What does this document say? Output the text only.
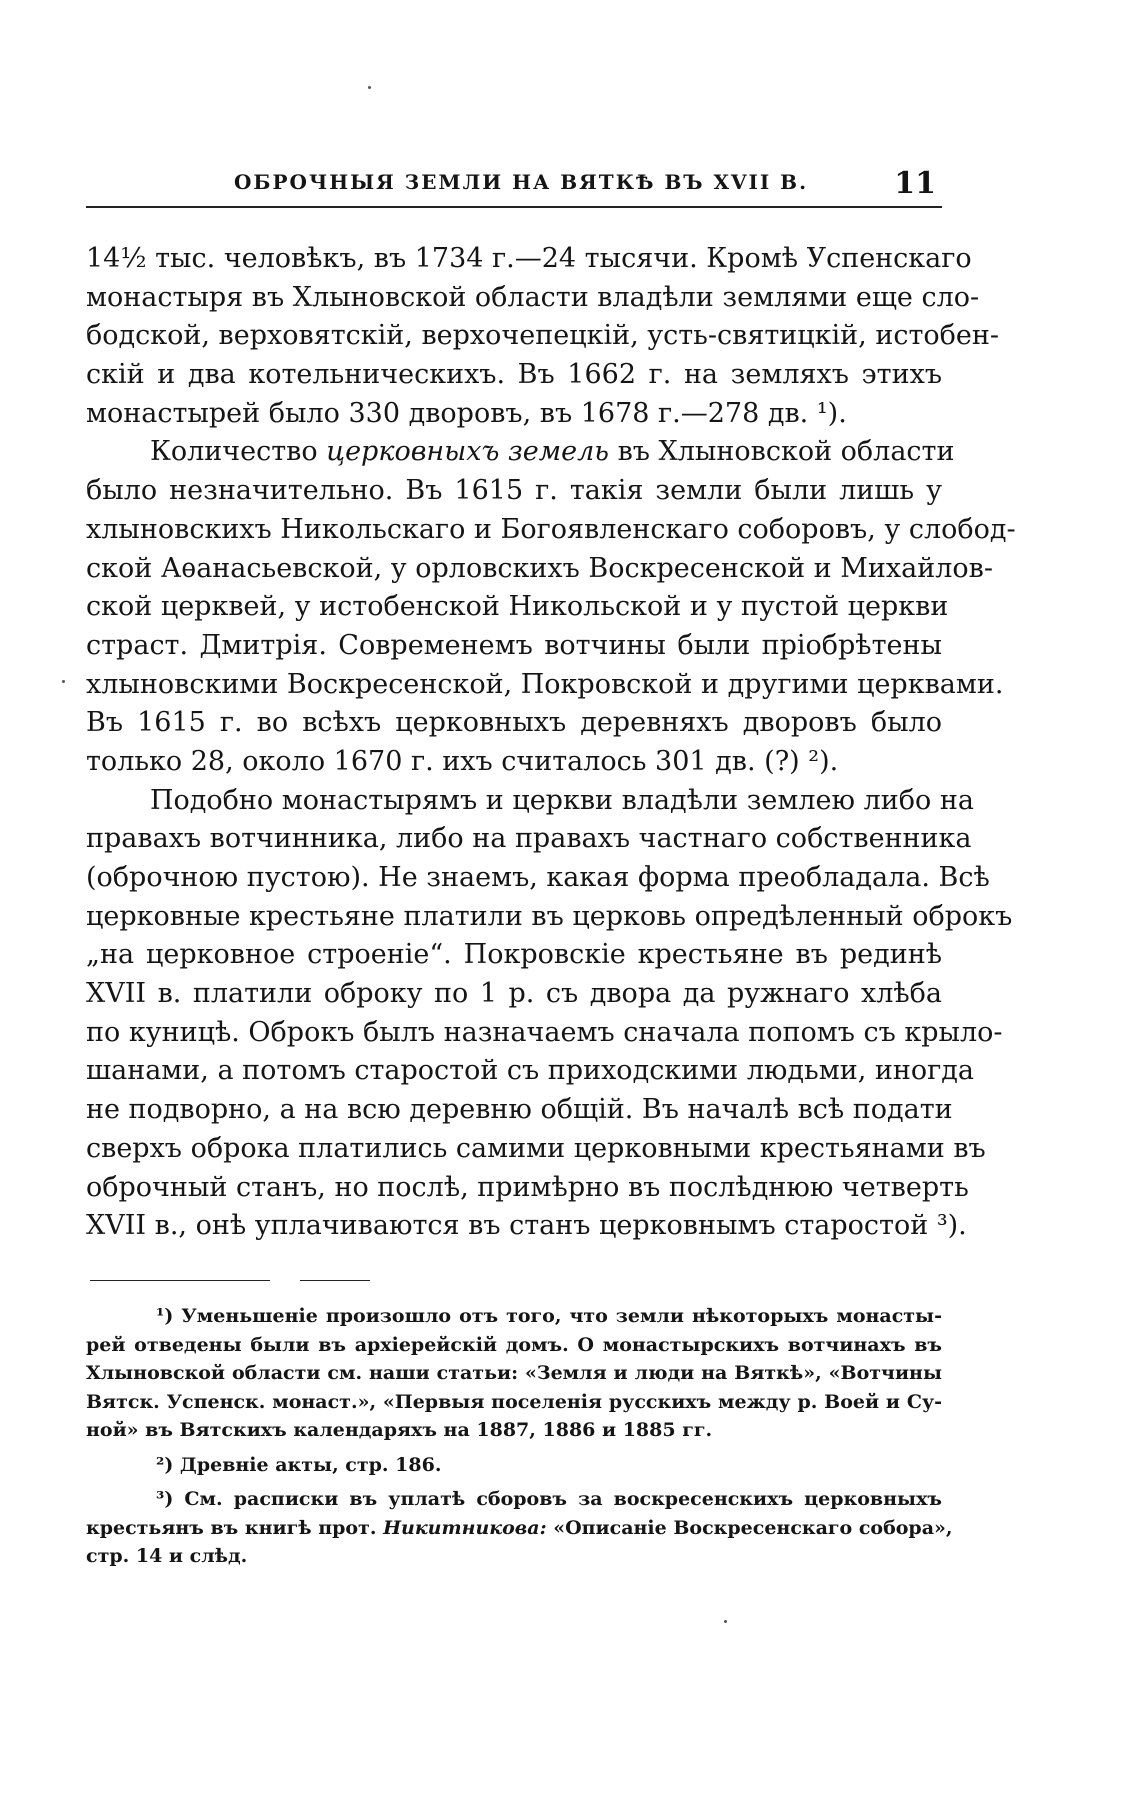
ОБРОЧНЫЯ ЗЕМЛИ НА ВЯТКѢ ВЪ XVII В.	11
14½ тыс. человѣкъ, въ 1734 г.—24 тысячи. Кромѣ Успенскаго
монастыря въ Хлыновской области владѣли землями еще сло-
бодской, верховятскій, верхочепецкій, усть-святицкій, истобен-
скій и два котельническихъ. Въ 1662 г. на земляхъ этихъ
монастырей было 330 дворовъ, въ 1678 г.—278 дв. ¹).
Количество церковныхъ земель въ Хлыновской области
было незначительно. Въ 1615 г. такія земли были лишь у
хлыновскихъ Никольскаго и Богоявленскаго соборовъ, у слобод-
ской Аѳанасьевской, у орловскихъ Воскресенской и Михайлов-
ской церквей, у истобенской Никольской и у пустой церкви
страст. Дмитрія. Современемъ вотчины были пріобрѣтены
хлыновскими Воскресенской, Покровской и другими церквами.
Въ 1615 г. во всѣхъ церковныхъ деревняхъ дворовъ было
только 28, около 1670 г. ихъ считалось 301 дв. (?) ²).
Подобно монастырямъ и церкви владѣли землею либо на
правахъ вотчинника, либо на правахъ частнаго собственника
(оброчною пустою). Не знаемъ, какая форма преобладала. Всѣ
церковные крестьяне платили въ церковь опредѣленный оброкъ
„на церковное строеніе“. Покровскіе крестьяне въ рединѣ
XVII в. платили оброку по 1 р. съ двора да ружнаго хлѣба
по куницѣ. Оброкъ былъ назначаемъ сначала попомъ съ крыло-
шанами, а потомъ старостой съ приходскими людьми, иногда
не подворно, а на всю деревню общій. Въ началѣ всѣ подати
сверхъ оброка платились самими церковными крестьянами въ
оброчный станъ, но послѣ, примѣрно въ послѣднюю четверть
XVII в., онѣ уплачиваются въ станъ церковнымъ старостой ³).
¹) Уменьшеніе произошло отъ того, что земли нѣкоторыхъ монасты-
рей отведены были въ архіерейскій домъ. О монастырскихъ вотчинахъ въ
Хлыновской области см. наши статьи: «Земля и люди на Вяткѣ», «Вотчины
Вятск. Успенск. монаст.», «Первыя поселенія русскихъ между р. Воей и Су-
ной» въ Вятскихъ календаряхъ на 1887, 1886 и 1885 гг.
²) Древніе акты, стр. 186.
³) См. расписки въ уплатѣ сборовъ за воскресенскихъ церковныхъ
крестьянъ въ книгѣ прот. Никитникова: «Описаніе Воскресенскаго собора»,
стр. 14 и слѣд.
